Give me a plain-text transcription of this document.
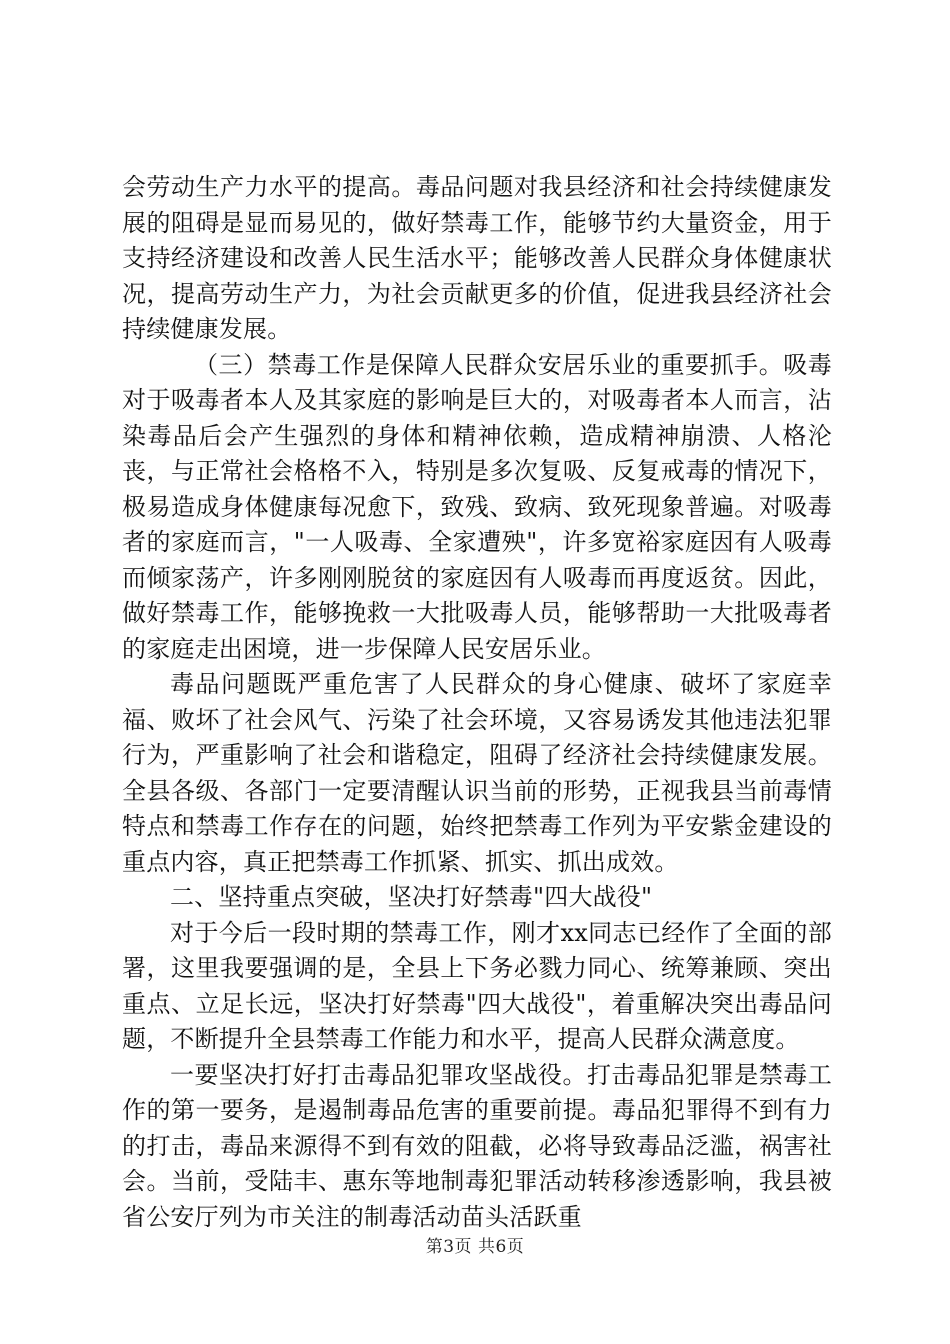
会劳动生产力水平的提高。毒品问题对我县经济和社会持续健康发展的阻碍是显而易见的，做好禁毒工作，能够节约大量资金，用于支持经济建设和改善人民生活水平；能够改善人民群众身体健康状况，提高劳动生产力，为社会贡献更多的价值，促进我县经济社会持续健康发展。

（三）禁毒工作是保障人民群众安居乐业的重要抓手。吸毒对于吸毒者本人及其家庭的影响是巨大的，对吸毒者本人而言，沾染毒品后会产生强烈的身体和精神依赖，造成精神崩溃、人格沦丧，与正常社会格格不入，特别是多次复吸、反复戒毒的情况下，极易造成身体健康每况愈下，致残、致病、致死现象普遍。对吸毒者的家庭而言，"一人吸毒、全家遭殃"，许多宽裕家庭因有人吸毒而倾家荡产，许多刚刚脱贫的家庭因有人吸毒而再度返贫。因此，做好禁毒工作，能够挽救一大批吸毒人员，能够帮助一大批吸毒者的家庭走出困境，进一步保障人民安居乐业。

毒品问题既严重危害了人民群众的身心健康、破坏了家庭幸福、败坏了社会风气、污染了社会环境，又容易诱发其他违法犯罪行为，严重影响了社会和谐稳定，阻碍了经济社会持续健康发展。全县各级、各部门一定要清醒认识当前的形势，正视我县当前毒情特点和禁毒工作存在的问题，始终把禁毒工作列为平安紫金建设的重点内容，真正把禁毒工作抓紧、抓实、抓出成效。

二、坚持重点突破，坚决打好禁毒"四大战役"

对于今后一段时期的禁毒工作，刚才xx同志已经作了全面的部署，这里我要强调的是，全县上下务必戮力同心、统筹兼顾、突出重点、立足长远，坚决打好禁毒"四大战役"，着重解决突出毒品问题，不断提升全县禁毒工作能力和水平，提高人民群众满意度。

一要坚决打好打击毒品犯罪攻坚战役。打击毒品犯罪是禁毒工作的第一要务，是遏制毒品危害的重要前提。毒品犯罪得不到有力的打击，毒品来源得不到有效的阻截，必将导致毒品泛滥，祸害社会。当前，受陆丰、惠东等地制毒犯罪活动转移渗透影响，我县被省公安厅列为市关注的制毒活动苗头活跃重

第3页 共6页
